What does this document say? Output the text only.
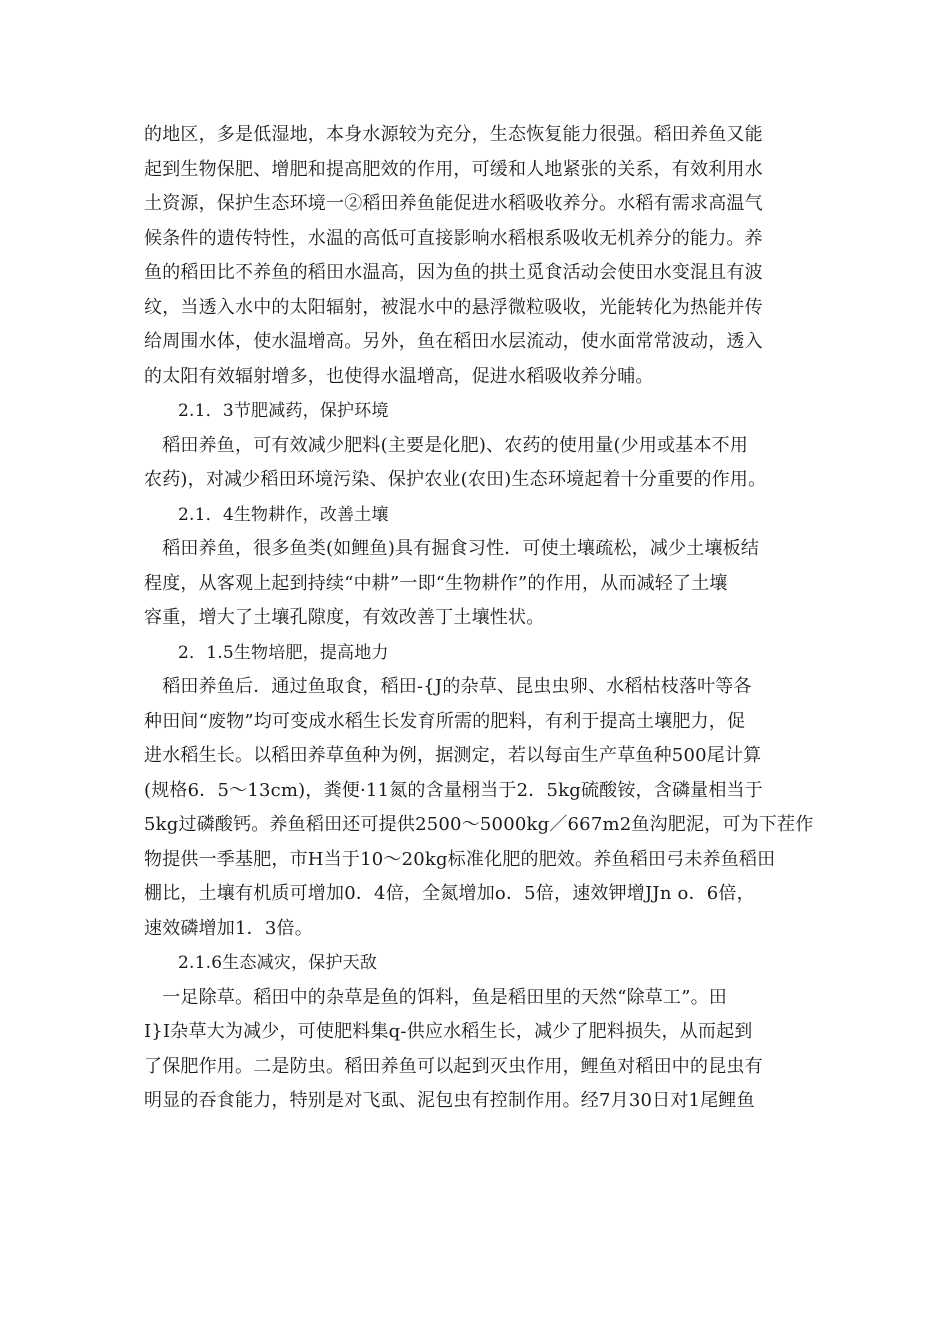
的地区，多是低湿地，本身水源较为充分，生态恢复能力很强。稻田养鱼又能

起到生物保肥、增肥和提高肥效的作用，可缓和人地紧张的关系，有效利用水

土资源，保护生态环境一②稻田养鱼能促进水稻吸收养分。水稻有需求高温气

候条件的遗传特性，水温的高低可直接影响水稻根系吸收无机养分的能力。养

鱼的稻田比不养鱼的稻田水温高，因为鱼的拱土觅食活动会使田水变混且有波

纹，当透入水中的太阳辐射，被混水中的悬浮微粒吸收，光能转化为热能并传

给周围水体，使水温增高。另外，鱼在稻田水层流动，使水面常常波动，透入

的太阳有效辐射增多，也使得水温增高，促进水稻吸收养分晡。

2.1．3节肥减药，保护环境

　稻田养鱼，可有效减少肥料(主要是化肥)、农药的使用量(少用或基本不用

农药)，对减少稻田环境污染、保护农业(农田)生态环境起着十分重要的作用。

2.1．4生物耕作，改善土壤

　稻田养鱼，很多鱼类(如鲤鱼)具有掘食习性．可使土壤疏松，减少土壤板结

程度，从客观上起到持续“中耕”一即“生物耕作”的作用，从而减轻了土壤

容重，增大了土壤孔隙度，有效改善丁土壤性状。

2．1.5生物培肥，提高地力

　稻田养鱼后．通过鱼取食，稻田-{J的杂草、昆虫虫卵、水稻枯枝落叶等各

种田间“废物”均可变成水稻生长发育所需的肥料，有利于提高土壤肥力，促

进水稻生长。以稻田养草鱼种为例，据测定，若以每亩生产草鱼种500尾计算

(规格6．5～13cm)，粪便·11氮的含量栩当于2．5kg硫酸铵，含磷量相当于

5kg过磷酸钙。养鱼稻田还可提供2500～5000kg／667m2鱼沟肥泥，可为下茬作

物提供一季基肥，市H当于10～20kg标准化肥的肥效。养鱼稻田弓未养鱼稻田

棚比，土壤有机质可增加0．4倍，全氮增加o．5倍，速效钾增JJn o．6倍，

速效磷增加1．3倍。

2.1.6生态减灾，保护天敌

　一足除草。稻田中的杂草是鱼的饵料，鱼是稻田里的天然“除草工”。田

I}I杂草大为减少，可使肥料集q-供应水稻生长，减少了肥料损失，从而起到

了保肥作用。二是防虫。稻田养鱼可以起到灭虫作用，鲤鱼对稻田中的昆虫有

明显的吞食能力，特别是对飞虱、泥包虫有控制作用。经7月30日对1尾鲤鱼
